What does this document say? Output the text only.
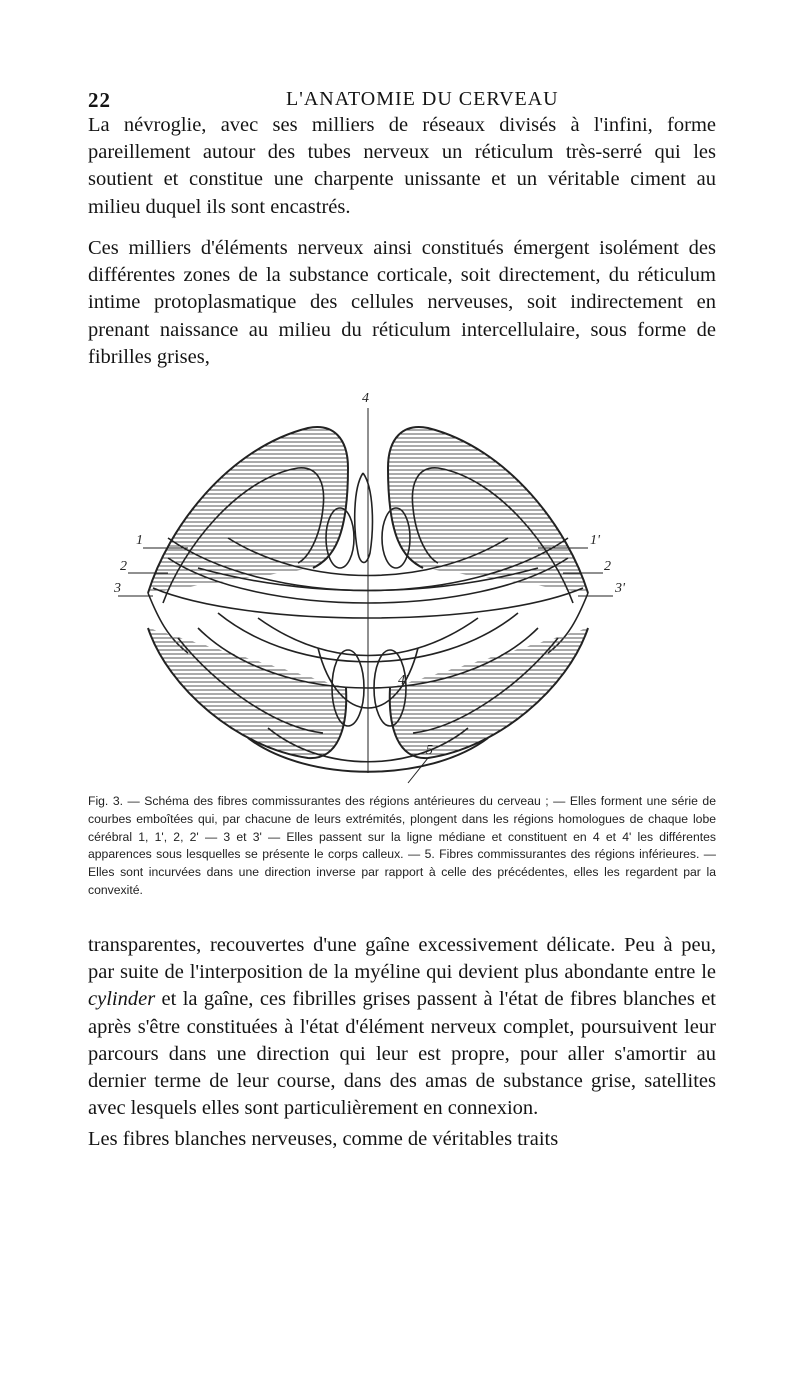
22	L'ANATOMIE DU CERVEAU

La névroglie, avec ses milliers de réseaux divisés à l'infini, forme pareillement autour des tubes nerveux un réticulum très-serré qui les soutient et constitue une charpente unissante et un véritable ciment au milieu duquel ils sont encastrés.

Ces milliers d'éléments nerveux ainsi constitués émergent isolément des différentes zones de la substance corticale, soit directement, du réticulum intime protoplasmatique des cellules nerveuses, soit indirectement en prenant naissance au milieu du réticulum intercellulaire, sous forme de fibrilles grises,

3
2
1
3'
2
1'
4
4'
5

Fig. 3. — Schéma des fibres commissurantes des régions antérieures du cerveau ; — Elles forment une série de courbes emboîtées qui, par chacune de leurs extrémités, plongent dans les régions homologues de chaque lobe cérébral 1, 1', 2, 2' — 3 et 3' — Elles passent sur la ligne médiane et constituent en 4 et 4' les différentes apparences sous lesquelles se présente le corps calleux. — 5. Fibres commissurantes des régions inférieures. — Elles sont incurvées dans une direction inverse par rapport à celle des précédentes, elles les regardent par la convexité.

transparentes, recouvertes d'une gaîne excessivement délicate. Peu à peu, par suite de l'interposition de la myéline qui devient plus abondante entre le cylinder et la gaîne, ces fibrilles grises passent à l'état de fibres blanches et après s'être constituées à l'état d'élément nerveux complet, poursuivent leur parcours dans une direction qui leur est propre, pour aller s'amortir au dernier terme de leur course, dans des amas de substance grise, satellites avec lesquels elles sont particulièrement en connexion.

Les fibres blanches nerveuses, comme de véritables traits
